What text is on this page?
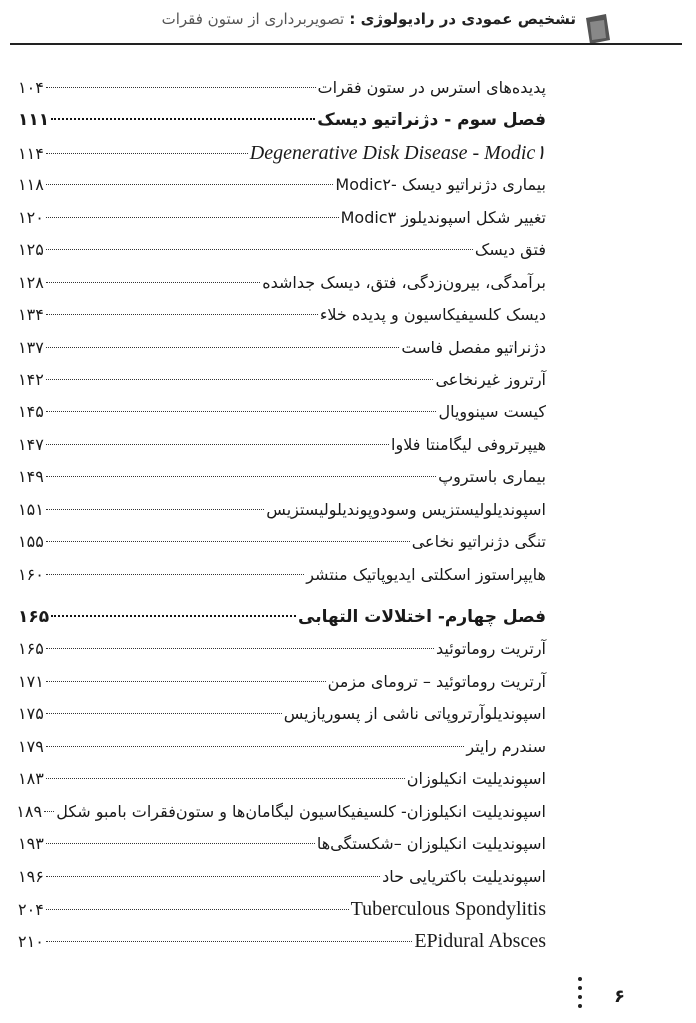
تشخیص عمودی در رادیولوژی : تصویربرداری از ستون فقرات
پدیده‌های استرس در ستون فقرات
۱۰۴
فصل سوم - دژنراتیو دیسک
۱۱۱
Degenerative Disk Disease - Modic۱
۱۱۴
بیماری دژنراتیو دیسک -Modic۲
۱۱۸
تغییر شکل اسپوندیلوز Modic۳
۱۲۰
فتق دیسک
۱۲۵
برآمدگی، بیرون‌زدگی، فتق، دیسک جداشده
۱۲۸
دیسک کلسیفیکاسیون و پدیده خلاء
۱۳۴
دژنراتیو مفصل فاست
۱۳۷
آرتروز غیرنخاعی
۱۴۲
کیست سینوویال
۱۴۵
هیپرتروفی لیگامنتا فلاوا
۱۴۷
بیماری باستروپ
۱۴۹
اسپوندیلولیستزیس وسودوپوندیلولیستزیس
۱۵۱
تنگی دژنراتیو نخاعی
۱۵۵
هایپراستوز اسکلتی ایدیوپاتیک منتشر
۱۶۰
فصل چهارم- اختلالات التهابی
۱۶۵
آرتریت روماتوئید
۱۶۵
آرتریت روماتوئید – ترومای مزمن
۱۷۱
اسپوندیلوآرتروپاتی ناشی از پسوریازیس
۱۷۵
سندرم رایتر
۱۷۹
اسپوندیلیت انکیلوزان
۱۸۳
اسپوندیلیت انکیلوزان- کلسیفیکاسیون لیگامان‌ها و ستون‌فقرات بامبو شکل
۱۸۹
اسپوندیلیت انکیلوزان –شکستگی‌ها
۱۹۳
اسپوندیلیت باکتریایی حاد
۱۹۶
Tuberculous Spondylitis
۲۰۴
EPidural Absces
۲۱۰
۶
